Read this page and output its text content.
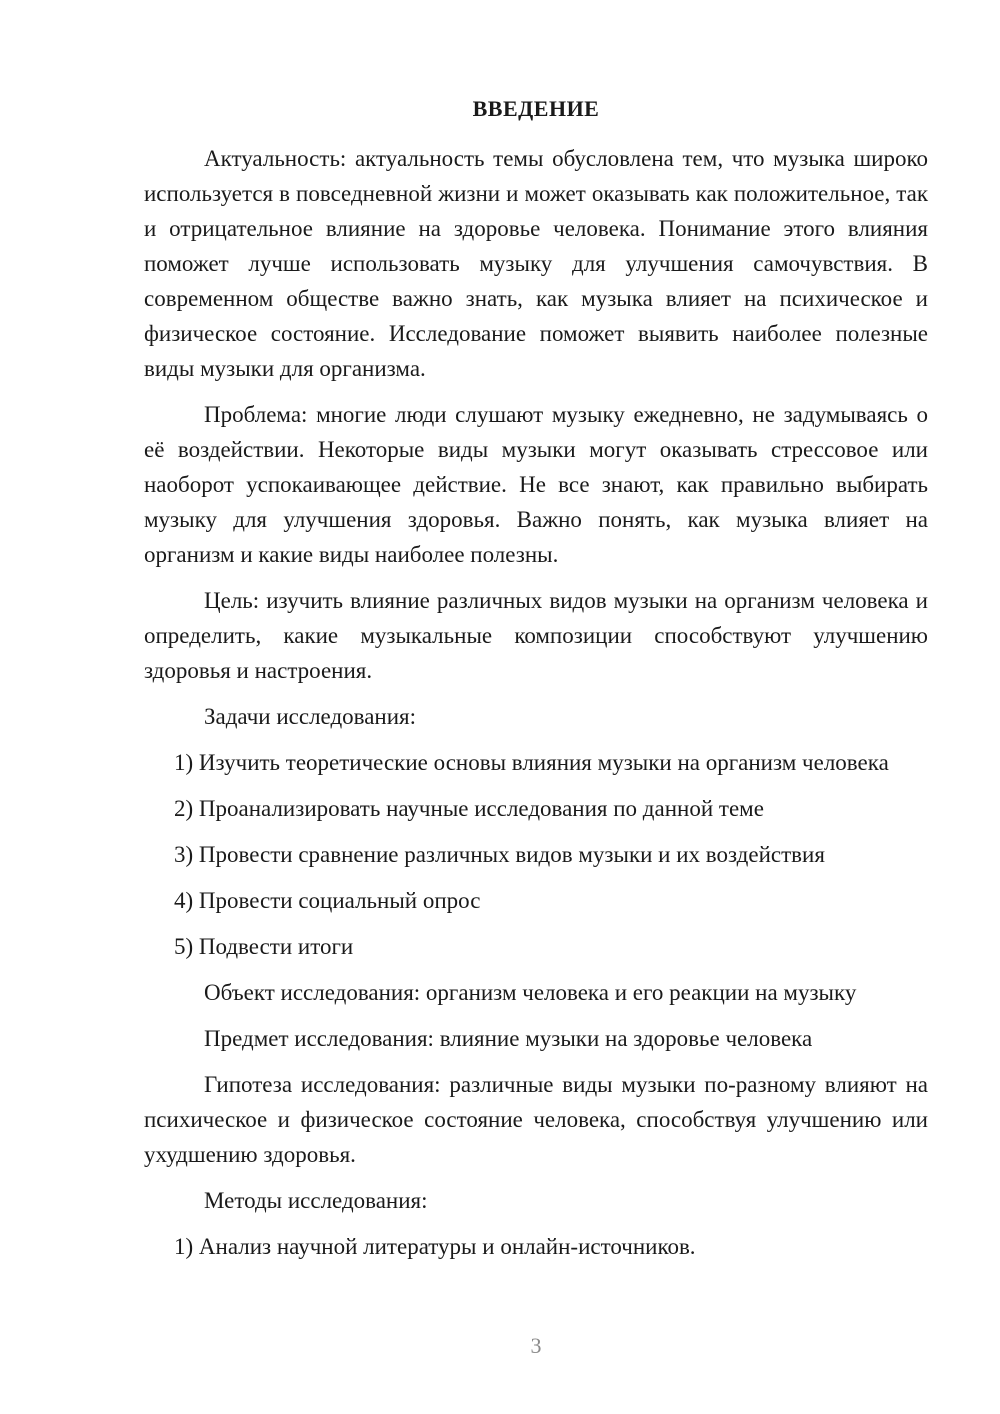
ВВЕДЕНИЕ

Актуальность: актуальность темы обусловлена тем, что музыка широко используется в повседневной жизни и может оказывать как положительное, так и отрицательное влияние на здоровье человека. Понимание этого влияния поможет лучше использовать музыку для улучшения самочувствия. В современном обществе важно знать, как музыка влияет на психическое и физическое состояние. Исследование поможет выявить наиболее полезные виды музыки для организма.

Проблема: многие люди слушают музыку ежедневно, не задумываясь о её воздействии. Некоторые виды музыки могут оказывать стрессовое или наоборот успокаивающее действие. Не все знают, как правильно выбирать музыку для улучшения здоровья. Важно понять, как музыка влияет на организм и какие виды наиболее полезны.

Цель: изучить влияние различных видов музыки на организм человека и определить, какие музыкальные композиции способствуют улучшению здоровья и настроения.

Задачи исследования:

1) Изучить теоретические основы влияния музыки на организм человека

2) Проанализировать научные исследования по данной теме

3) Провести сравнение различных видов музыки и их воздействия

4) Провести социальный опрос

5) Подвести итоги

Объект исследования: организм человека и его реакции на музыку

Предмет исследования: влияние музыки на здоровье человека

Гипотеза исследования: различные виды музыки по-разному влияют на психическое и физическое состояние человека, способствуя улучшению или ухудшению здоровья.

Методы исследования:

1) Анализ научной литературы и онлайн-источников.

3
